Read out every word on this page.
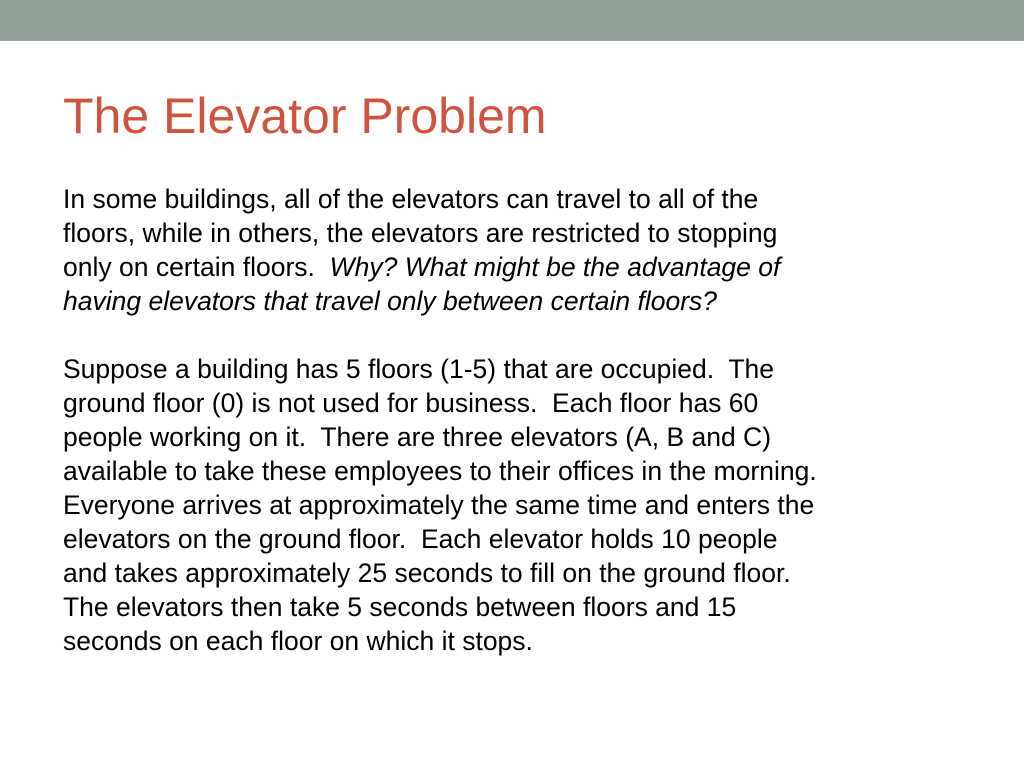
The Elevator Problem

In some buildings, all of the elevators can travel to all of the
floors, while in others, the elevators are restricted to stopping
only on certain floors.  Why? What might be the advantage of
having elevators that travel only between certain floors?

Suppose a building has 5 floors (1-5) that are occupied.  The
ground floor (0) is not used for business.  Each floor has 60
people working on it.  There are three elevators (A, B and C)
available to take these employees to their offices in the morning.
Everyone arrives at approximately the same time and enters the
elevators on the ground floor.  Each elevator holds 10 people
and takes approximately 25 seconds to fill on the ground floor.
The elevators then take 5 seconds between floors and 15
seconds on each floor on which it stops.
